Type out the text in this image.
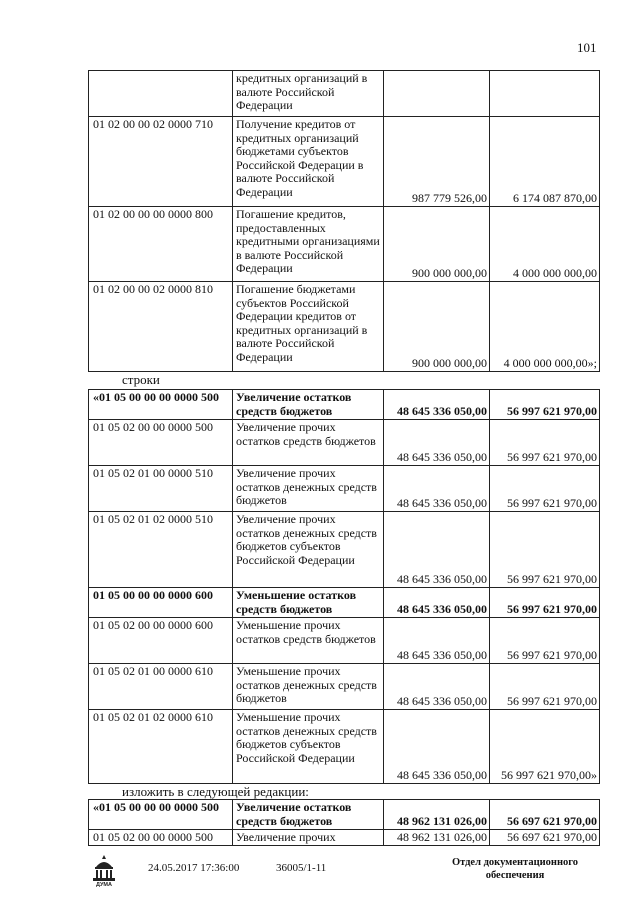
101
	кредитных организаций в валюте Российской Федерации		
01 02 00 00 02 0000 710	Получение кредитов от кредитных организаций бюджетами субъектов Российской Федерации в валюте Российской Федерации	987 779 526,00	6 174 087 870,00
01 02 00 00 00 0000 800	Погашение кредитов, предоставленных кредитными организациями в валюте Российской Федерации	900 000 000,00	4 000 000 000,00
01 02 00 00 02 0000 810	Погашение бюджетами субъектов Российской Федерации кредитов от кредитных организаций в валюте Российской Федерации	900 000 000,00	4 000 000 000,00»;
строки
«01 05 00 00 00 0000 500	Увеличение остатков средств бюджетов	48 645 336 050,00	56 997 621 970,00
01 05 02 00 00 0000 500	Увеличение прочих остатков средств бюджетов	48 645 336 050,00	56 997 621 970,00
01 05 02 01 00 0000 510	Увеличение прочих остатков денежных средств бюджетов	48 645 336 050,00	56 997 621 970,00
01 05 02 01 02 0000 510	Увеличение прочих остатков денежных средств бюджетов субъектов Российской Федерации	48 645 336 050,00	56 997 621 970,00
01 05 00 00 00 0000 600	Уменьшение остатков средств бюджетов	48 645 336 050,00	56 997 621 970,00
01 05 02 00 00 0000 600	Уменьшение прочих остатков средств бюджетов	48 645 336 050,00	56 997 621 970,00
01 05 02 01 00 0000 610	Уменьшение прочих остатков денежных средств бюджетов	48 645 336 050,00	56 997 621 970,00
01 05 02 01 02 0000 610	Уменьшение прочих остатков денежных средств бюджетов субъектов Российской Федерации	48 645 336 050,00	56 997 621 970,00»
изложить в следующей редакции:
«01 05 00 00 00 0000 500	Увеличение остатков средств бюджетов	48 962 131 026,00	56 697 621 970,00
01 05 02 00 00 0000 500	Увеличение прочих	48 962 131 026,00	56 697 621 970,00
ДУМА
24.05.2017 17:36:00	36005/1-11	Отдел документационного обеспечения
